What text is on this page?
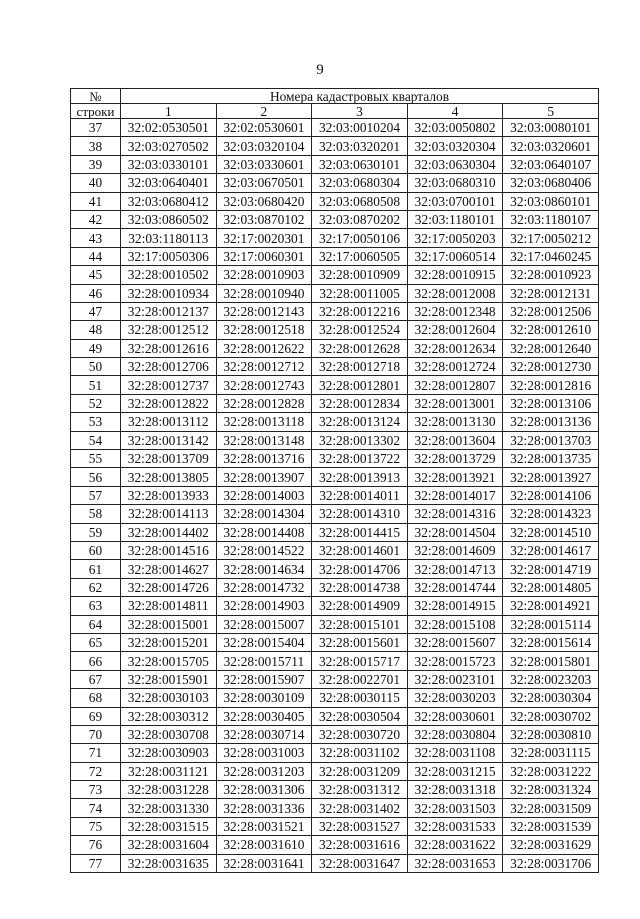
9
№	Номера кадастровых кварталов				
строки	1	2	3	4	5
37	32:02:0530501	32:02:0530601	32:03:0010204	32:03:0050802	32:03:0080101
38	32:03:0270502	32:03:0320104	32:03:0320201	32:03:0320304	32:03:0320601
39	32:03:0330101	32:03:0330601	32:03:0630101	32:03:0630304	32:03:0640107
40	32:03:0640401	32:03:0670501	32:03:0680304	32:03:0680310	32:03:0680406
41	32:03:0680412	32:03:0680420	32:03:0680508	32:03:0700101	32:03:0860101
42	32:03:0860502	32:03:0870102	32:03:0870202	32:03:1180101	32:03:1180107
43	32:03:1180113	32:17:0020301	32:17:0050106	32:17:0050203	32:17:0050212
44	32:17:0050306	32:17:0060301	32:17:0060505	32:17:0060514	32:17:0460245
45	32:28:0010502	32:28:0010903	32:28:0010909	32:28:0010915	32:28:0010923
46	32:28:0010934	32:28:0010940	32:28:0011005	32:28:0012008	32:28:0012131
47	32:28:0012137	32:28:0012143	32:28:0012216	32:28:0012348	32:28:0012506
48	32:28:0012512	32:28:0012518	32:28:0012524	32:28:0012604	32:28:0012610
49	32:28:0012616	32:28:0012622	32:28:0012628	32:28:0012634	32:28:0012640
50	32:28:0012706	32:28:0012712	32:28:0012718	32:28:0012724	32:28:0012730
51	32:28:0012737	32:28:0012743	32:28:0012801	32:28:0012807	32:28:0012816
52	32:28:0012822	32:28:0012828	32:28:0012834	32:28:0013001	32:28:0013106
53	32:28:0013112	32:28:0013118	32:28:0013124	32:28:0013130	32:28:0013136
54	32:28:0013142	32:28:0013148	32:28:0013302	32:28:0013604	32:28:0013703
55	32:28:0013709	32:28:0013716	32:28:0013722	32:28:0013729	32:28:0013735
56	32:28:0013805	32:28:0013907	32:28:0013913	32:28:0013921	32:28:0013927
57	32:28:0013933	32:28:0014003	32:28:0014011	32:28:0014017	32:28:0014106
58	32:28:0014113	32:28:0014304	32:28:0014310	32:28:0014316	32:28:0014323
59	32:28:0014402	32:28:0014408	32:28:0014415	32:28:0014504	32:28:0014510
60	32:28:0014516	32:28:0014522	32:28:0014601	32:28:0014609	32:28:0014617
61	32:28:0014627	32:28:0014634	32:28:0014706	32:28:0014713	32:28:0014719
62	32:28:0014726	32:28:0014732	32:28:0014738	32:28:0014744	32:28:0014805
63	32:28:0014811	32:28:0014903	32:28:0014909	32:28:0014915	32:28:0014921
64	32:28:0015001	32:28:0015007	32:28:0015101	32:28:0015108	32:28:0015114
65	32:28:0015201	32:28:0015404	32:28:0015601	32:28:0015607	32:28:0015614
66	32:28:0015705	32:28:0015711	32:28:0015717	32:28:0015723	32:28:0015801
67	32:28:0015901	32:28:0015907	32:28:0022701	32:28:0023101	32:28:0023203
68	32:28:0030103	32:28:0030109	32:28:0030115	32:28:0030203	32:28:0030304
69	32:28:0030312	32:28:0030405	32:28:0030504	32:28:0030601	32:28:0030702
70	32:28:0030708	32:28:0030714	32:28:0030720	32:28:0030804	32:28:0030810
71	32:28:0030903	32:28:0031003	32:28:0031102	32:28:0031108	32:28:0031115
72	32:28:0031121	32:28:0031203	32:28:0031209	32:28:0031215	32:28:0031222
73	32:28:0031228	32:28:0031306	32:28:0031312	32:28:0031318	32:28:0031324
74	32:28:0031330	32:28:0031336	32:28:0031402	32:28:0031503	32:28:0031509
75	32:28:0031515	32:28:0031521	32:28:0031527	32:28:0031533	32:28:0031539
76	32:28:0031604	32:28:0031610	32:28:0031616	32:28:0031622	32:28:0031629
77	32:28:0031635	32:28:0031641	32:28:0031647	32:28:0031653	32:28:0031706
